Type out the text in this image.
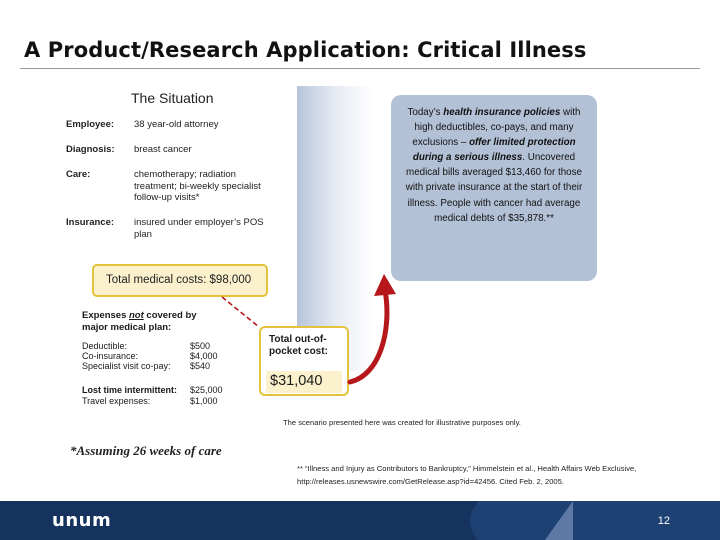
A Product/Research Application: Critical Illness
The Situation
Employee: 38 year-old attorney
Diagnosis: breast cancer
Care:	chemotherapy; radiation treatment; bi-weekly specialist follow-up visits*
Insurance: insured under employer’s POS plan
Total medical costs: $98,000
Today’s health insurance policies with high deductibles, co-pays, and many exclusions – offer limited protection during a serious illness. Uncovered medical bills averaged $13,460 for those with private insurance at the start of their illness. People with cancer had average medical debts of $35,878.**
Expenses not covered by major medical plan:
Deductible:	$500
Co-insurance:	$4,000
Specialist visit co-pay: $540
Lost time intermittent: $25,000
Travel expenses:	$1,000
Total out-of-pocket cost:
$31,040
The scenario presented here was created for illustrative purposes only.
*Assuming 26 weeks of care
** “Illness and Injury as Contributors to Bankruptcy,” Himmelstein et al., Health Affairs Web Exclusive, http://releases.usnewswire.com/GetRelease.asp?id=42456. Cited Feb. 2, 2005.
unum	12
